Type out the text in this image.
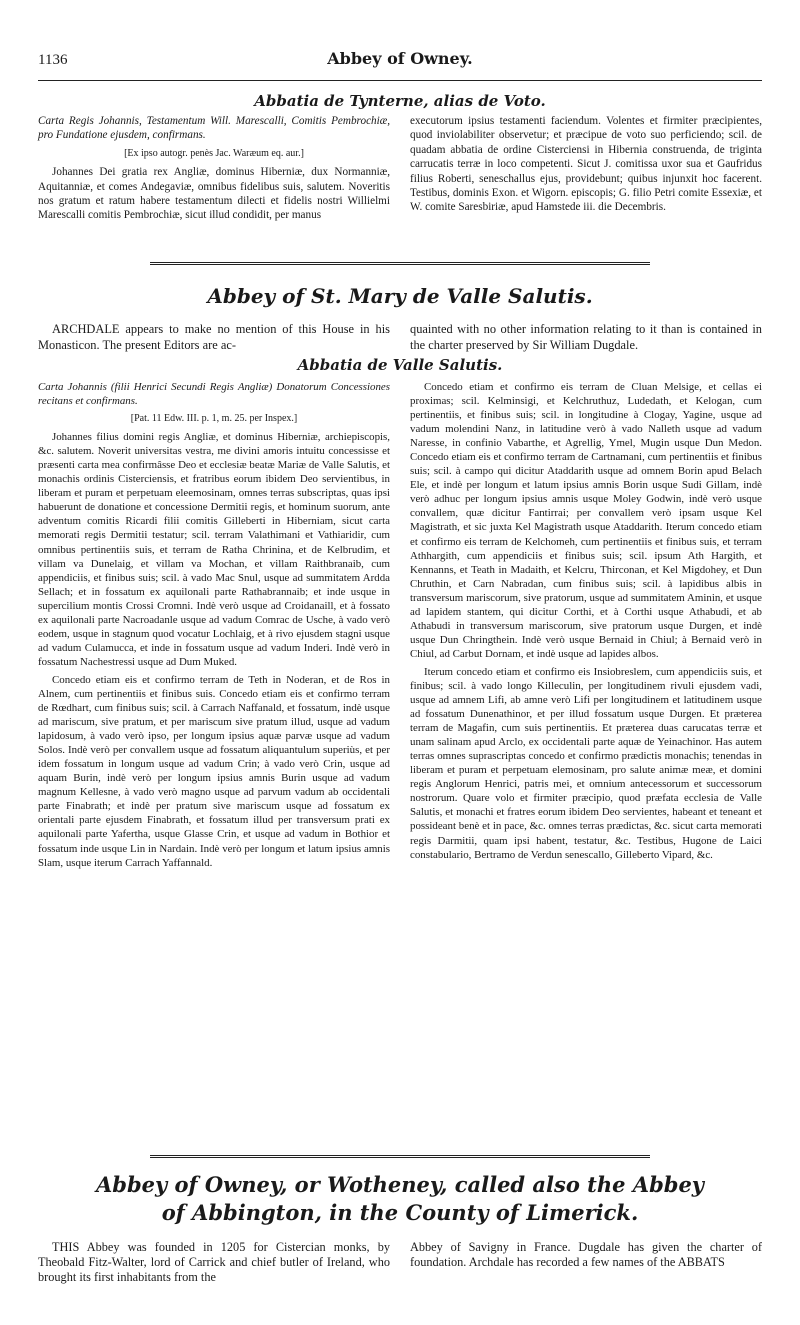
1136	Abbey of Owney.
Abbatia de Tynterne, alias de Voto.

Carta Regis Johannis, Testamentum Will. Marescalli, Comitis Pembrochiæ, pro Fundatione ejusdem, confirmans.

[Ex ipso autogr. penès Jac. Waræum eq. aur.]

Johannes Dei gratia rex Angliæ, dominus Hiberniæ, dux Normanniæ, Aquitanniæ, et comes Andegaviæ, omnibus fidelibus suis, salutem. Noveritis nos gratum et ratum habere testamentum dilecti et fidelis nostri Willielmi Marescalli comitis Pembrochiæ, sicut illud condidit, per manus

executorum ipsius testamenti faciendum. Volentes et firmiter præcipientes, quod inviolabiliter observetur; et præcipue de voto suo perficiendo; scil. de quadam abbatia de ordine Cisterciensi in Hibernia construenda, de triginta carrucatis terræ in loco competenti. Sicut J. comitissa uxor sua et Gaufridus filius Roberti, seneschallus ejus, providebunt; quibus injunxit hoc facerent. Testibus, dominis Exon. et Wigorn. episcopis; G. filio Petri comite Essexiæ, et W. comite Saresbiriæ, apud Hamstede iii. die Decembris.

Abbey of St. Mary de Valle Salutis.

ARCHDALE appears to make no mention of this House in his Monasticon. The present Editors are ac-

quainted with no other information relating to it than is contained in the charter preserved by Sir William Dugdale.

Abbatia de Valle Salutis.

Carta Johannis (filii Henrici Secundi Regis Angliæ) Donatorum Concessiones recitans et confirmans.

[Pat. 11 Edw. III. p. 1, m. 25. per Inspex.]

Johannes filius domini regis Angliæ, et dominus Hiberniæ, archiepiscopis, &c. salutem. Noverit universitas vestra, me divini amoris intuitu concessisse et præsenti carta mea confirmâsse Deo et ecclesiæ beatæ Mariæ de Valle Salutis, et monachis ordinis Cisterciensis, et fratribus eorum ibidem Deo servientibus, in liberam et puram et perpetuam eleemosinam, omnes terras subscriptas, quas ipsi habuerunt de donatione et concessione Dermitii regis, et hominum suorum, ante adventum comitis Ricardi filii comitis Gilleberti in Hiberniam, sicut carta memorati regis Dermitii testatur; scil. terram Valathimani et Vathiaridir, cum omnibus pertinentiis suis, et terram de Ratha Chrinina, et de Kelbrudim, et villam va Dunelaig, et villam va Mochan, et villam Raithbranaib, cum appendiciis, et finibus suis; scil. à vado Mac Snul, usque ad summitatem Ardda Sellach; et in fossatum ex aquilonali parte Rathabrannaib; et inde usque in supercilium montis Crossi Cromni. Indè verò usque ad Croidanaill, et à fossato ex aquilonali parte Nacroadanle usque ad vadum Comrac de Usche, à vado verò eodem, usque in stagnum quod vocatur Lochlaig, et à rivo ejusdem stagni usque ad vadum Culamucca, et inde in fossatum usque ad vadum Inderi. Indè verò in fossatum Nachestressi usque ad Dum Muked.

Concedo etiam eis et confirmo terram de Teth in Noderan, et de Ros in Alnem, cum pertinentiis et finibus suis. Concedo etiam eis et confirmo terram de Rœdhart, cum finibus suis; scil. à Carrach Naffanald, et fossatum, indè usque ad mariscum, sive pratum, et per mariscum sive pratum illud, usque ad vadum lapidosum, à vado verò ipso, per longum ipsius aquæ parvæ usque ad vadum Solos. Indè verò per convallem usque ad fossatum aliquantulum superiùs, et per idem fossatum in longum usque ad vadum Crin; à vado verò Crin, usque ad aquam Burin, indè verò per longum ipsius amnis Burin usque ad vadum magnum Kellesne, à vado verò magno usque ad parvum vadum ab occidentali parte Finabrath; et indè per pratum sive mariscum usque ad fossatum ex orientali parte ejusdem Finabrath, et fossatum illud per transversum prati ex aquilonali parte Yafertha, usque Glasse Crin, et usque ad vadum in Bothior et fossatum inde usque Lin in Nardain. Indè verò per longum et latum ipsius amnis Slam, usque iterum Carrach Yaffannald.

Concedo etiam et confirmo eis terram de Cluan Melsige, et cellas ei proximas; scil. Kelminsigi, et Kelchruthuz, Ludedath, et Kelogan, cum pertinentiis, et finibus suis; scil. in longitudine à Clogay, Yagine, usque ad vadum molendini Nanz, in latitudine verò à vado Nalleth usque ad vadum Naresse, in confinio Vabarthe, et Agrellig, Ymel, Mugin usque Dun Medon. Concedo etiam eis et confirmo terram de Cartnamani, cum pertinentiis et finibus suis; scil. à campo qui dicitur Ataddarith usque ad omnem Borin apud Belach Ele, et indè per longum et latum ipsius amnis Borin usque Sudi Gillam, indè verò adhuc per longum ipsius amnis usque Moley Godwin, indè verò usque convallem, quæ dicitur Fantirrai; per convallem verò ipsam usque Kel Magistrath, et sic juxta Kel Magistrath usque Ataddarith. Iterum concedo etiam et confirmo eis terram de Kelchomeh, cum pertinentiis et finibus suis, et terram Athhargith, cum appendiciis et finibus suis; scil. ipsum Ath Hargith, et Kennanns, et Teath in Madaith, et Kelcru, Thirconan, et Kel Migdohey, et Dun Chruthin, et Carn Nabradan, cum finibus suis; scil. à lapidibus albis in transversum mariscorum, sive pratorum, usque ad summitatem Aminin, et usque ad lapidem stantem, qui dicitur Corthi, et à Corthi usque Athabudi, et ab Athabudi in transversum mariscorum, sive pratorum usque Durgen, et indè usque Dun Chringthein. Indè verò usque Bernaid in Chiul; à Bernaid verò in Chiul, ad Carbut Dornam, et indè usque ad lapides albos.

Iterum concedo etiam et confirmo eis Insiobreslem, cum appendiciis suis, et finibus; scil. à vado longo Killeculin, per longitudinem rivuli ejusdem vadi, usque ad amnem Lifi, ab amne verò Lifi per longitudinem et latitudinem usque ad fossatum Dunenathinor, et per illud fossatum usque Durgen. Et præterea terram de Magafin, cum suis pertinentiis. Et præterea duas carucatas terræ et unam salinam apud Arclo, ex occidentali parte aquæ de Yeinachinor. Has autem terras omnes suprascriptas concedo et confirmo prædictis monachis; tenendas in liberam et puram et perpetuam elemosinam, pro salute animæ meæ, et domini regis Anglorum Henrici, patris mei, et omnium antecessorum et successorum nostrorum. Quare volo et firmiter præcipio, quod præfata ecclesia de Valle Salutis, et monachi et fratres eorum ibidem Deo servientes, habeant et teneant et possideant benè et in pace, &c. omnes terras prædictas, &c. sicut carta memorati regis Darmitii, quam ipsi habent, testatur, &c. Testibus, Hugone de Laici constabulario, Bertramo de Verdun senescallo, Gilleberto Vipard, &c.

Abbey of Owney, or Wotheney, called also the Abbey
of Abbington, in the County of Limerick.

THIS Abbey was founded in 1205 for Cistercian monks, by Theobald Fitz-Walter, lord of Carrick and chief butler of Ireland, who brought its first inhabitants from the

Abbey of Savigny in France. Dugdale has given the charter of foundation. Archdale has recorded a few names of the ABBATS
